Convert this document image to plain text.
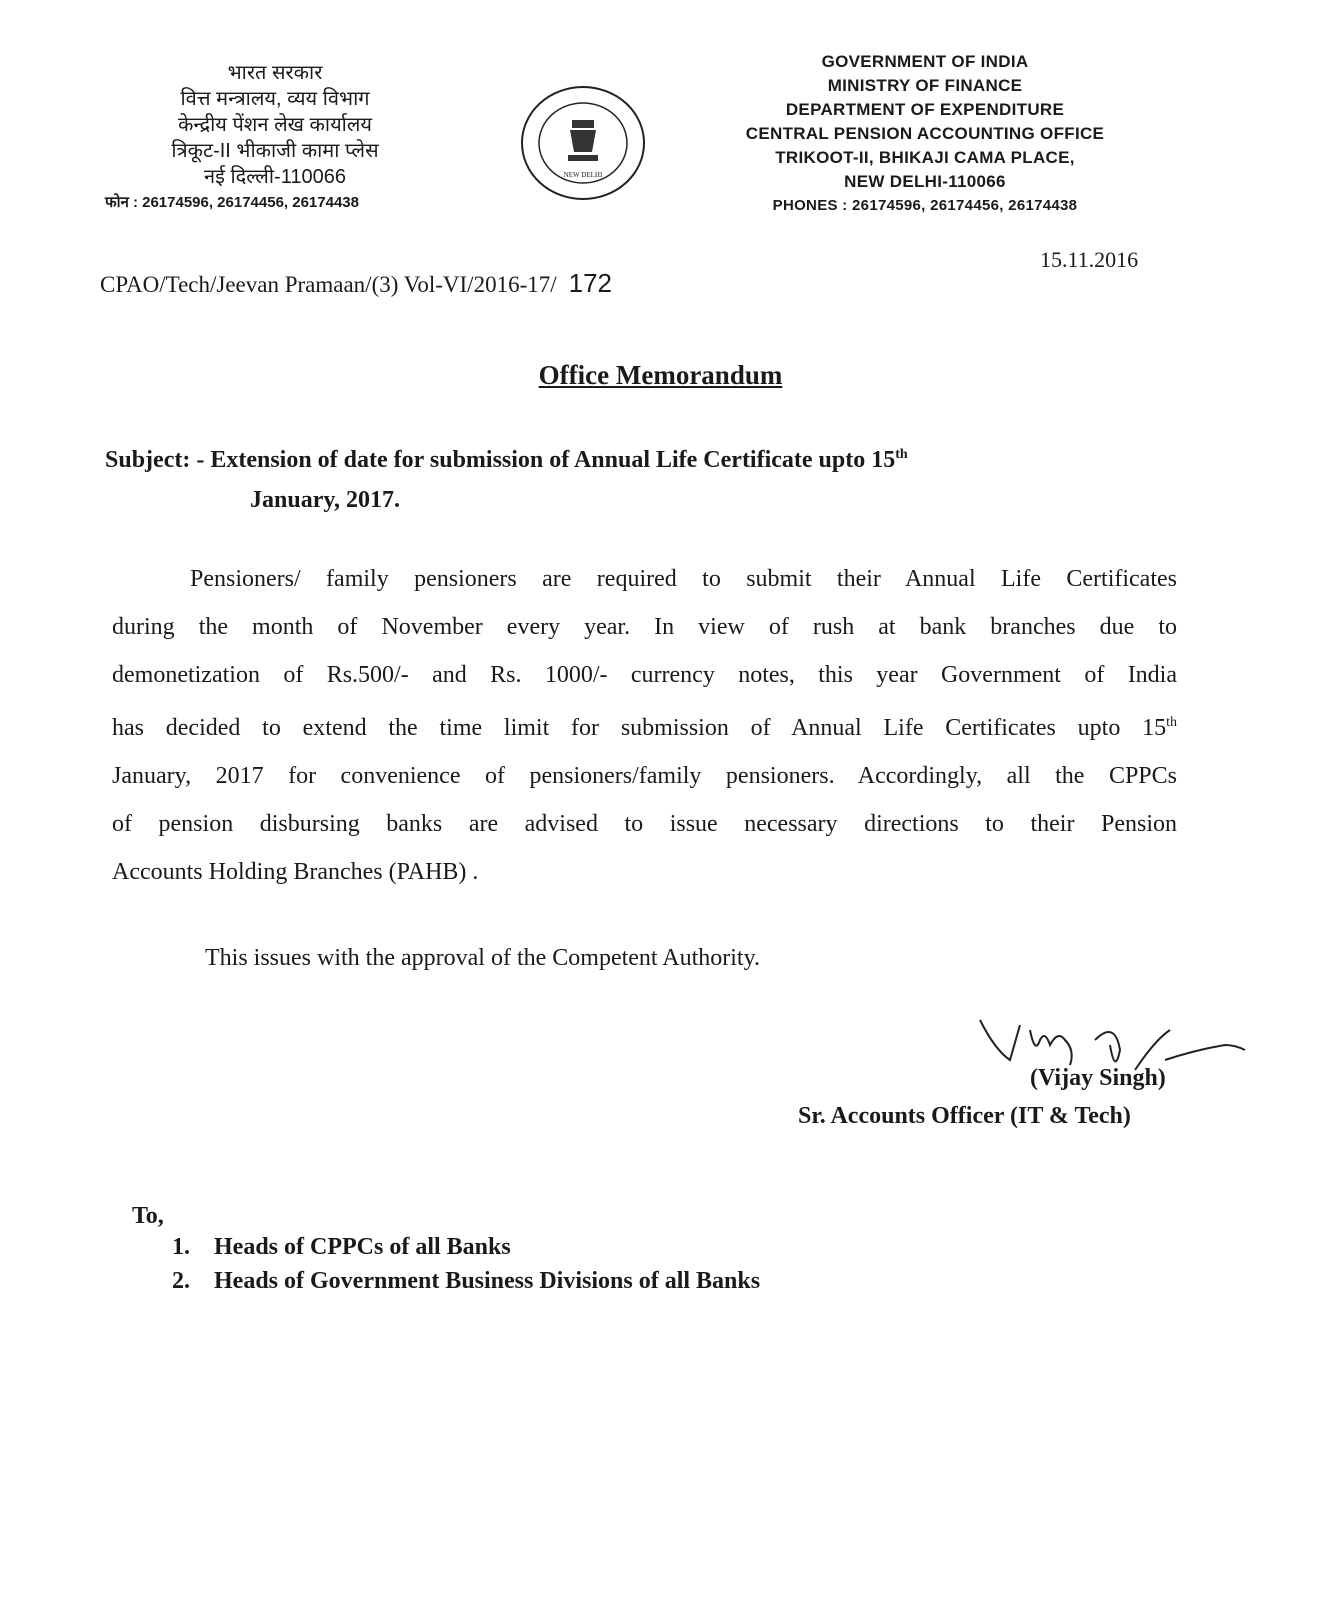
भारत सरकार
वित्त मन्त्रालय, व्यय विभाग
केन्द्रीय पेंशन लेख कार्यालय
त्रिकूट-II भीकाजी कामा प्लेस
नई दिल्ली-110066
फोन : 26174596, 26174456, 26174438
NEW DELHI
GOVERNMENT OF INDIA
MINISTRY OF FINANCE
DEPARTMENT OF EXPENDITURE
CENTRAL PENSION ACCOUNTING OFFICE
TRIKOOT-II, BHIKAJI CAMA PLACE,
NEW DELHI-110066
PHONES : 26174596, 26174456, 26174438
CPAO/Tech/Jeevan Pramaan/(3) Vol-VI/2016-17/ 172
15.11.2016
Office Memorandum
Subject: - Extension of date for submission of Annual Life Certificate upto 15th
January, 2017.
Pensioners/ family pensioners are required to submit their Annual Life Certificates
during the month of November every year. In view of rush at bank branches due to
demonetization of Rs.500/- and Rs. 1000/- currency notes, this year Government of India
has decided to extend the time limit for submission of Annual Life Certificates upto 15th
January, 2017 for convenience of pensioners/family pensioners. Accordingly, all the CPPCs
of pension disbursing banks are advised to issue necessary directions to their Pension
Accounts Holding Branches (PAHB) .
This issues with the approval of the Competent Authority.
(Vijay Singh)
Sr. Accounts Officer (IT & Tech)
To,
1. Heads of CPPCs of all Banks
2. Heads of Government Business Divisions of all Banks
